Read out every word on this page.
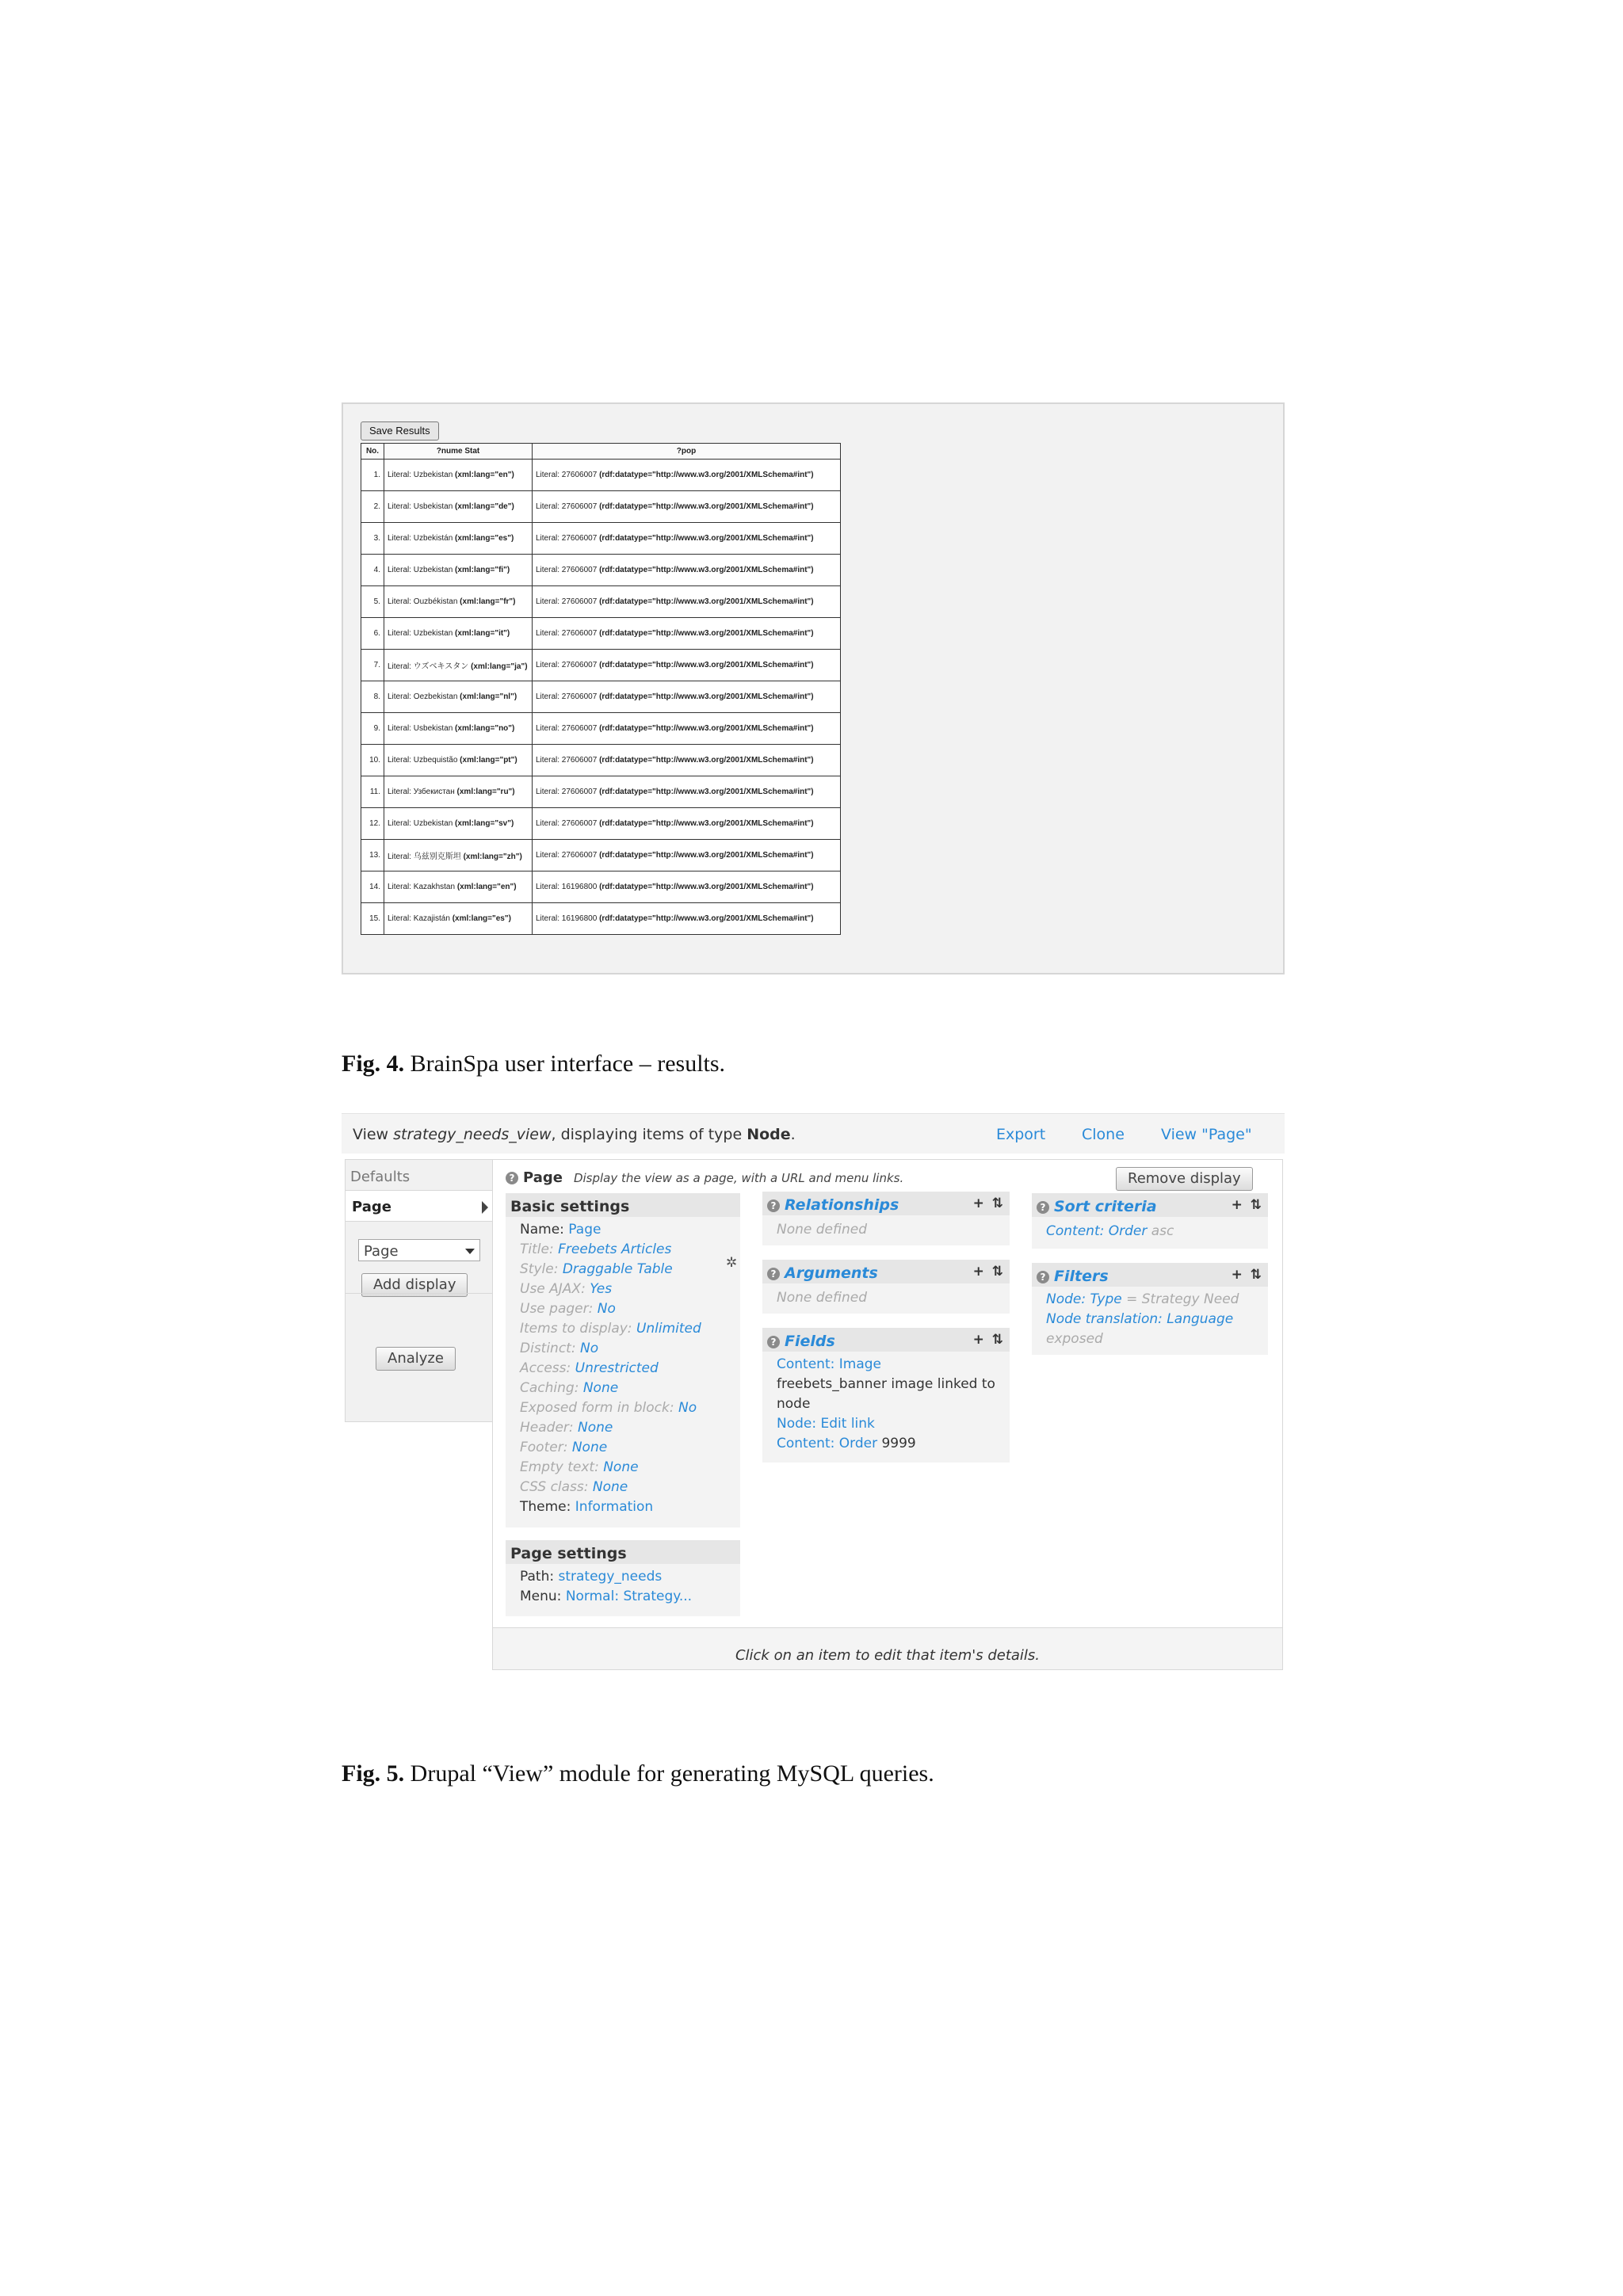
Save Results
No.	?nume Stat	?pop
1.	Literal: Uzbekistan (xml:lang="en")	Literal: 27606007 (rdf:datatype="http://www.w3.org/2001/XMLSchema#int")
2.	Literal: Usbekistan (xml:lang="de")	Literal: 27606007 (rdf:datatype="http://www.w3.org/2001/XMLSchema#int")
3.	Literal: Uzbekistán (xml:lang="es")	Literal: 27606007 (rdf:datatype="http://www.w3.org/2001/XMLSchema#int")
4.	Literal: Uzbekistan (xml:lang="fi")	Literal: 27606007 (rdf:datatype="http://www.w3.org/2001/XMLSchema#int")
5.	Literal: Ouzbékistan (xml:lang="fr")	Literal: 27606007 (rdf:datatype="http://www.w3.org/2001/XMLSchema#int")
6.	Literal: Uzbekistan (xml:lang="it")	Literal: 27606007 (rdf:datatype="http://www.w3.org/2001/XMLSchema#int")
7.	Literal: ウズベキスタン (xml:lang="ja")	Literal: 27606007 (rdf:datatype="http://www.w3.org/2001/XMLSchema#int")
8.	Literal: Oezbekistan (xml:lang="nl")	Literal: 27606007 (rdf:datatype="http://www.w3.org/2001/XMLSchema#int")
9.	Literal: Usbekistan (xml:lang="no")	Literal: 27606007 (rdf:datatype="http://www.w3.org/2001/XMLSchema#int")
10.	Literal: Uzbequistão (xml:lang="pt")	Literal: 27606007 (rdf:datatype="http://www.w3.org/2001/XMLSchema#int")
11.	Literal: Узбекистан (xml:lang="ru")	Literal: 27606007 (rdf:datatype="http://www.w3.org/2001/XMLSchema#int")
12.	Literal: Uzbekistan (xml:lang="sv")	Literal: 27606007 (rdf:datatype="http://www.w3.org/2001/XMLSchema#int")
13.	Literal: 乌兹别克斯坦 (xml:lang="zh")	Literal: 27606007 (rdf:datatype="http://www.w3.org/2001/XMLSchema#int")
14.	Literal: Kazakhstan (xml:lang="en")	Literal: 16196800 (rdf:datatype="http://www.w3.org/2001/XMLSchema#int")
15.	Literal: Kazajistán (xml:lang="es")	Literal: 16196800 (rdf:datatype="http://www.w3.org/2001/XMLSchema#int")
Fig. 4. BrainSpa user interface – results.
View strategy_needs_view, displaying items of type Node.	Export Clone View "Page"
Defaults
Page
Page
Add display
Analyze
? Page Display the view as a page, with a URL and menu links.	Remove display
Basic settings
✲
Name: Page
Title: Freebets Articles
Style: Draggable Table
Use AJAX: Yes
Use pager: No
Items to display: Unlimited
Distinct: No
Access: Unrestricted
Caching: None
Exposed form in block: No
Header: None
Footer: None
Empty text: None
CSS class: None
Theme: Information
Page settings
Path: strategy_needs
Menu: Normal: Strategy...
? Relationships	+ ⇅
None defined
? Arguments	+ ⇅
None defined
? Fields	+ ⇅
Content: Image
freebets_banner image linked to
node
Node: Edit link
Content: Order 9999
? Sort criteria	+ ⇅
Content: Order asc
? Filters	+ ⇅
Node: Type = Strategy Need
Node translation: Language
exposed
Click on an item to edit that item's details.
Fig. 5. Drupal “View” module for generating MySQL queries.
